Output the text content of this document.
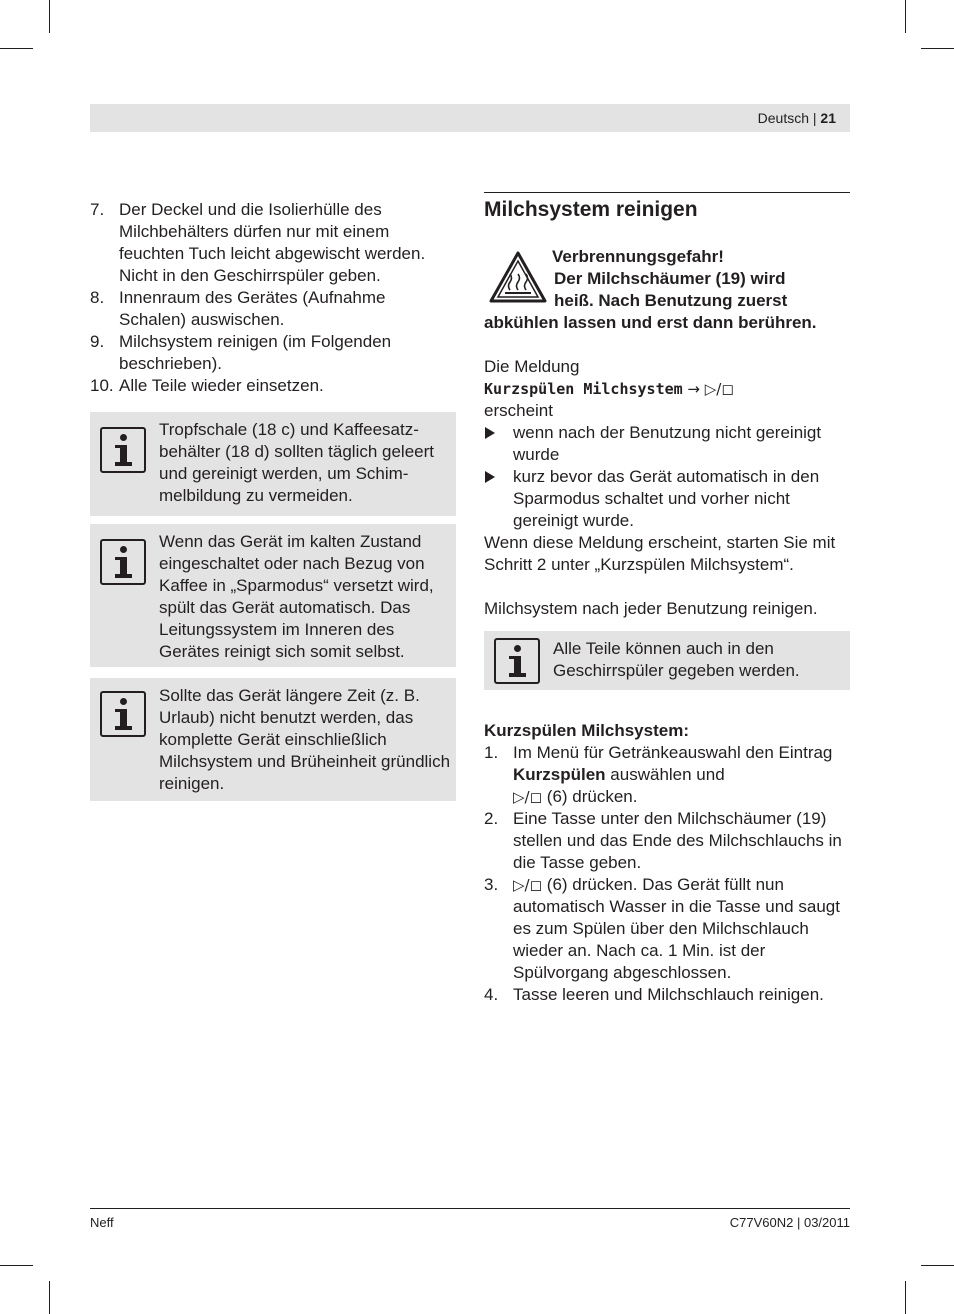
Deutsch | 21
7. Der Deckel und die Isolierhülle des Milchbehälters dürfen nur mit einem feuchten Tuch leicht abgewischt werden. Nicht in den Geschirrspüler geben.
8. Innenraum des Gerätes (Aufnahme Schalen) auswischen.
9. Milchsystem reinigen (im Folgenden beschrieben).
10. Alle Teile wieder einsetzen.
Tropfschale (18 c) und Kaffeesatzbehälter (18 d) sollten täglich geleert und gereinigt werden, um Schimmelbildung zu vermeiden.
Wenn das Gerät im kalten Zustand eingeschaltet oder nach Bezug von Kaffee in „Sparmodus“ versetzt wird, spült das Gerät automatisch. Das Leitungssystem im Inneren des Gerätes reinigt sich somit selbst.
Sollte das Gerät längere Zeit (z. B. Urlaub) nicht benutzt werden, das komplette Gerät einschließlich Milchsystem und Brüheinheit gründlich reinigen.
Milchsystem reinigen
Verbrennungsgefahr!
Der Milchschäumer (19) wird
heiß. Nach Benutzung zuerst
abkühlen lassen und erst dann berühren.
Die Meldung
Kurzspülen Milchsystem → ▷/◻
erscheint
wenn nach der Benutzung nicht gereinigt wurde
kurz bevor das Gerät automatisch in den Sparmodus schaltet und vorher nicht gereinigt wurde.
Wenn diese Meldung erscheint, starten Sie mit Schritt 2 unter „Kurzspülen Milchsystem“.
Milchsystem nach jeder Benutzung reinigen.
Alle Teile können auch in den Geschirrspüler gegeben werden.
Kurzspülen Milchsystem:
1. Im Menü für Getränkeauswahl den Eintrag Kurzspülen auswählen und
▷/◻ (6) drücken.
2. Eine Tasse unter den Milchschäumer (19) stellen und das Ende des Milchschlauchs in die Tasse geben.
3. ▷/◻ (6) drücken. Das Gerät füllt nun automatisch Wasser in die Tasse und saugt es zum Spülen über den Milchschlauch wieder an. Nach ca. 1 Min. ist der Spülvorgang abgeschlossen.
4. Tasse leeren und Milchschlauch reinigen.
Neff	C77V60N2 | 03/2011
